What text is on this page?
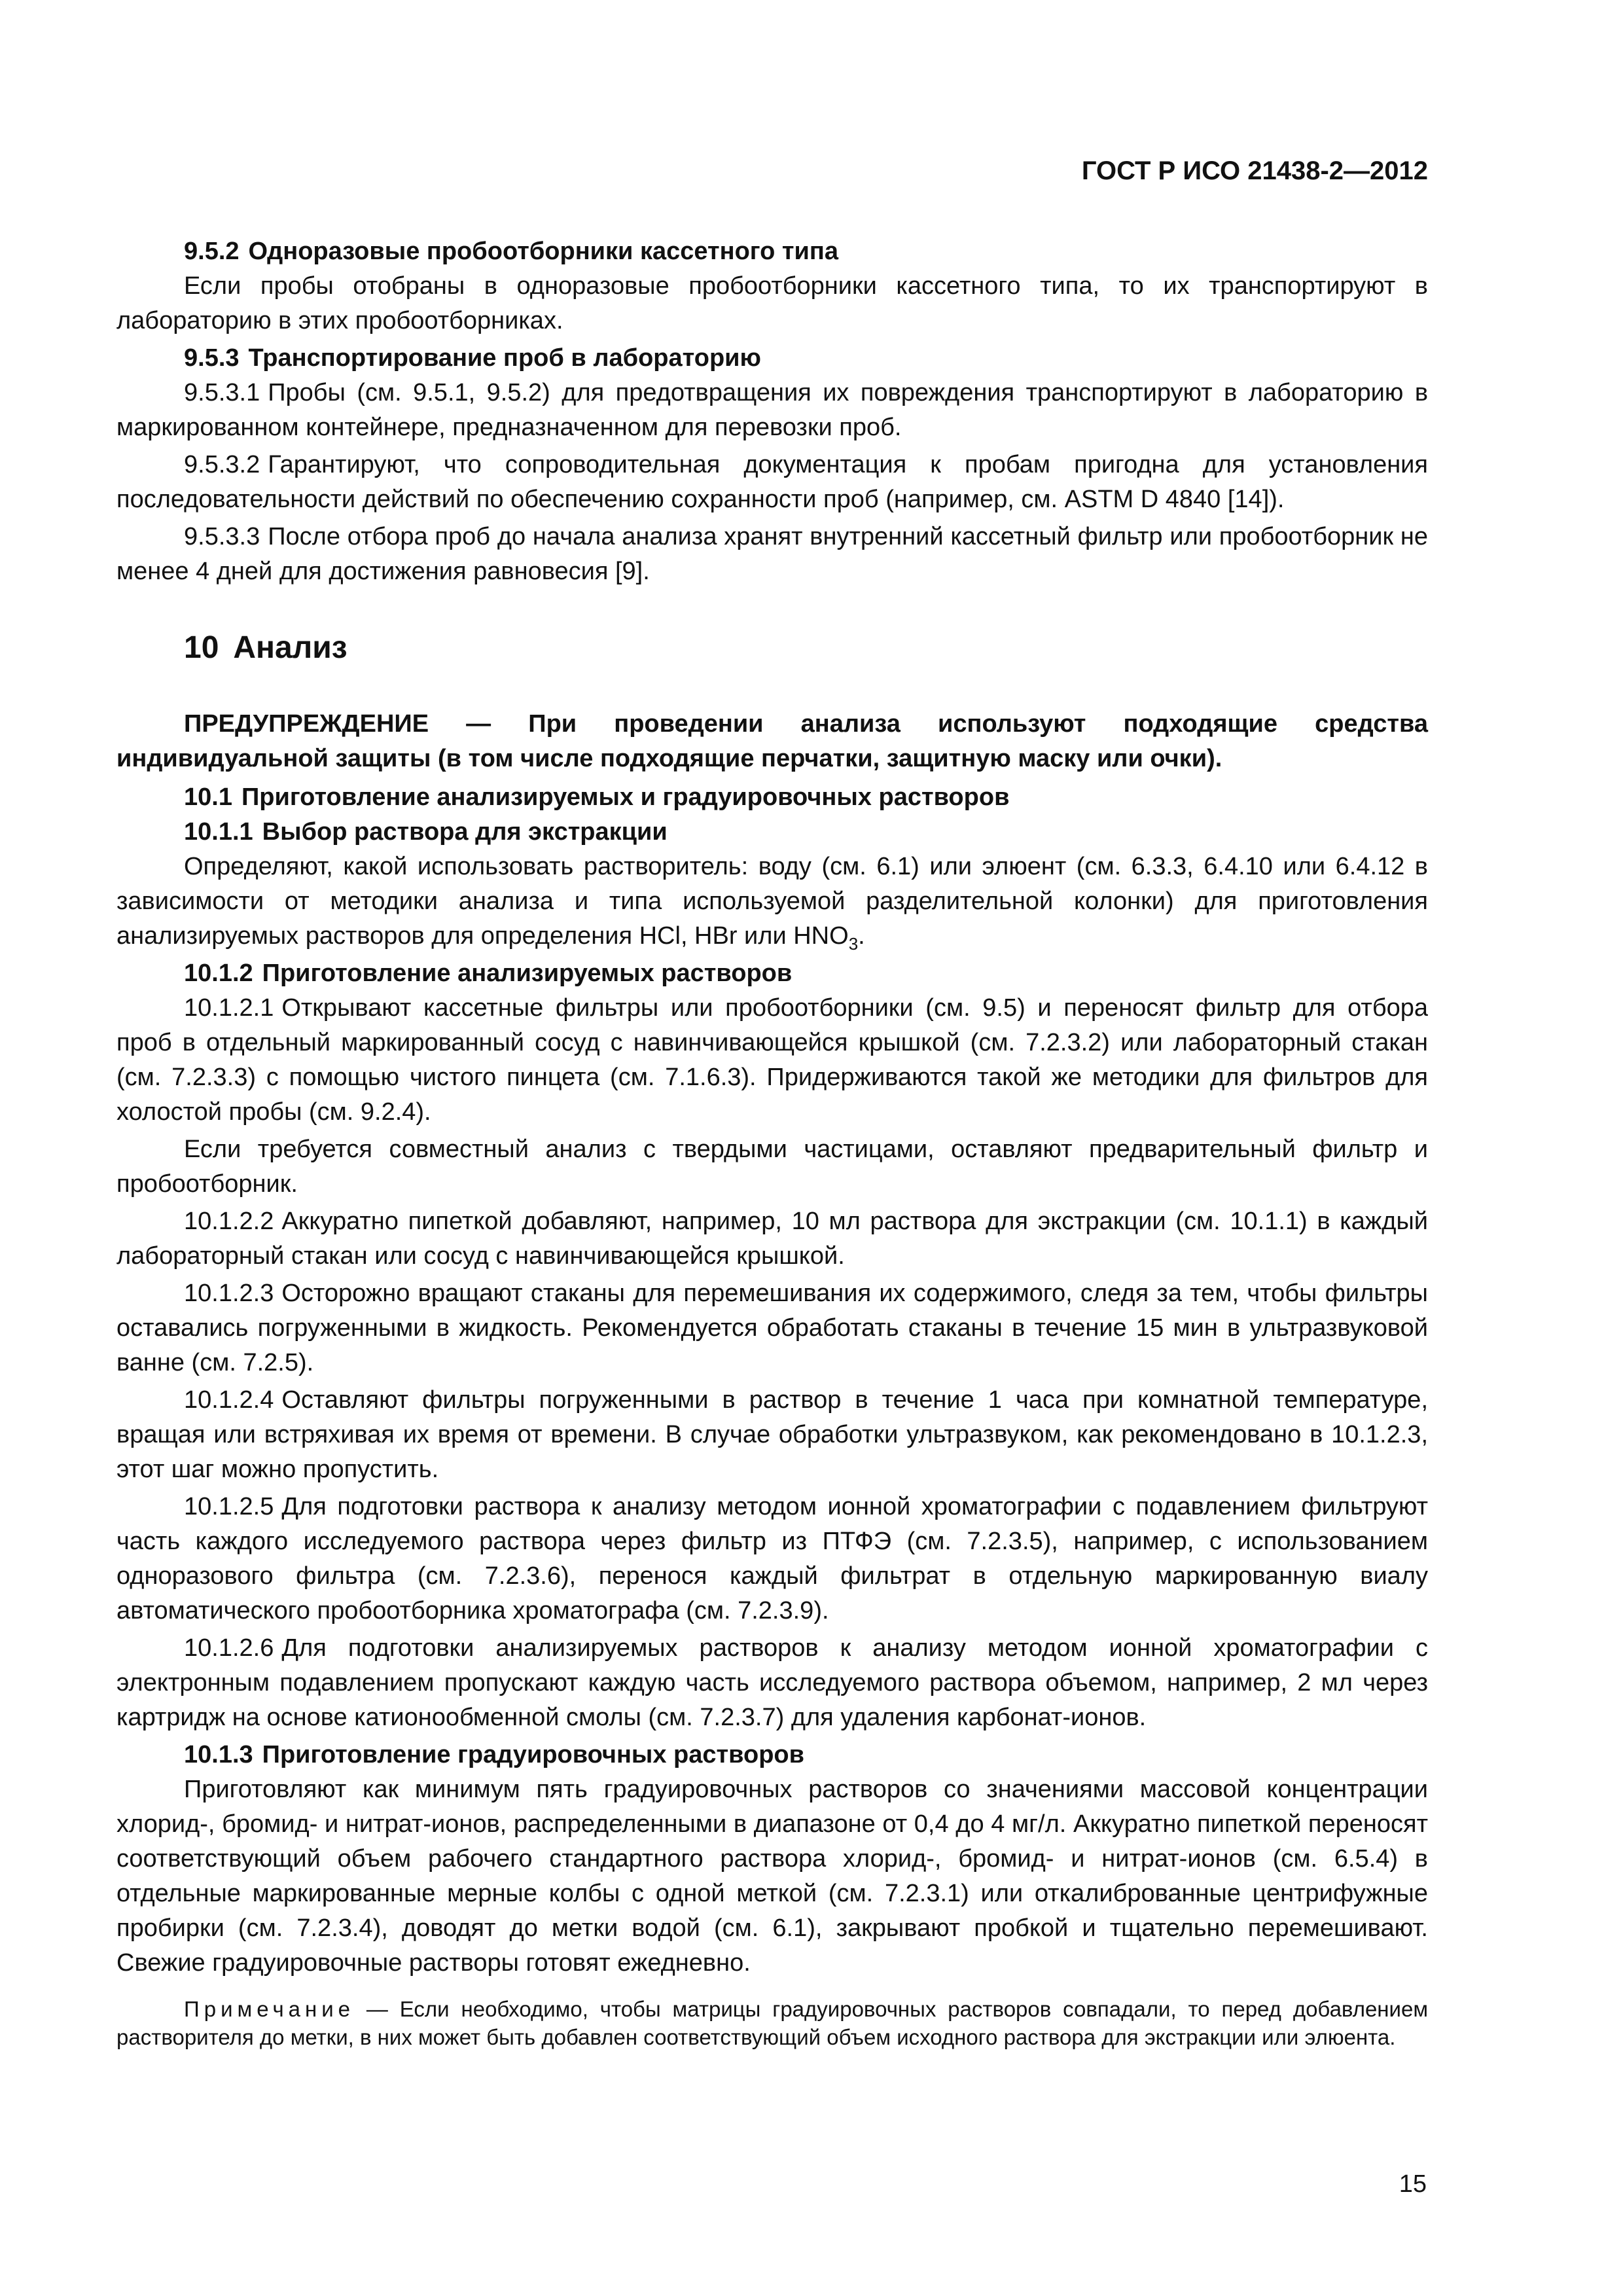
ГОСТ Р ИСО 21438-2—2012
9.5.2 Одноразовые пробоотборники кассетного типа

Если пробы отобраны в одноразовые пробоотборники кассетного типа, то их транспортируют в лабораторию в этих пробоотборниках.

9.5.3 Транспортирование проб в лабораторию

9.5.3.1 Пробы (см. 9.5.1, 9.5.2) для предотвращения их повреждения транспортируют в лабораторию в маркированном контейнере, предназначенном для перевозки проб.

9.5.3.2 Гарантируют, что сопроводительная документация к пробам пригодна для установления последовательности действий по обеспечению сохранности проб (например, см. ASTM D 4840 [14]).

9.5.3.3 После отбора проб до начала анализа хранят внутренний кассетный фильтр или пробоотборник не менее 4 дней для достижения равновесия [9].

10 Анализ

ПРЕДУПРЕЖДЕНИЕ — При проведении анализа используют подходящие средства индивидуальной защиты (в том числе подходящие перчатки, защитную маску или очки).

10.1 Приготовление анализируемых и градуировочных растворов
10.1.1 Выбор раствора для экстракции

Определяют, какой использовать растворитель: воду (см. 6.1) или элюент (см. 6.3.3, 6.4.10 или 6.4.12 в зависимости от методики анализа и типа используемой разделительной колонки) для приготовления анализируемых растворов для определения HCl, HBr или $HNO_3$.

10.1.2 Приготовление анализируемых растворов

10.1.2.1 Открывают кассетные фильтры или пробоотборники (см. 9.5) и переносят фильтр для отбора проб в отдельный маркированный сосуд с навинчивающейся крышкой (см. 7.2.3.2) или лабораторный стакан (см. 7.2.3.3) с помощью чистого пинцета (см. 7.1.6.3). Придерживаются такой же методики для фильтров для холостой пробы (см. 9.2.4).

Если требуется совместный анализ с твердыми частицами, оставляют предварительный фильтр и пробоотборник.

10.1.2.2 Аккуратно пипеткой добавляют, например, 10 мл раствора для экстракции (см. 10.1.1) в каждый лабораторный стакан или сосуд с навинчивающейся крышкой.

10.1.2.3 Осторожно вращают стаканы для перемешивания их содержимого, следя за тем, чтобы фильтры оставались погруженными в жидкость. Рекомендуется обработать стаканы в течение 15 мин в ультразвуковой ванне (см. 7.2.5).

10.1.2.4 Оставляют фильтры погруженными в раствор в течение 1 часа при комнатной температуре, вращая или встряхивая их время от времени. В случае обработки ультразвуком, как рекомендовано в 10.1.2.3, этот шаг можно пропустить.

10.1.2.5 Для подготовки раствора к анализу методом ионной хроматографии с подавлением фильтруют часть каждого исследуемого раствора через фильтр из ПТФЭ (см. 7.2.3.5), например, с использованием одноразового фильтра (см. 7.2.3.6), перенося каждый фильтрат в отдельную маркированную виалу автоматического пробоотборника хроматографа (см. 7.2.3.9).

10.1.2.6 Для подготовки анализируемых растворов к анализу методом ионной хроматографии с электронным подавлением пропускают каждую часть исследуемого раствора объемом, например, 2 мл через картридж на основе катионообменной смолы (см. 7.2.3.7) для удаления карбонат-ионов.

10.1.3 Приготовление градуировочных растворов

Приготовляют как минимум пять градуировочных растворов со значениями массовой концентрации хлорид-, бромид- и нитрат-ионов, распределенными в диапазоне от 0,4 до 4 мг/л. Аккуратно пипеткой переносят соответствующий объем рабочего стандартного раствора хлорид-, бромид- и нитрат-ионов (см. 6.5.4) в отдельные маркированные мерные колбы с одной меткой (см. 7.2.3.1) или откалиброванные центрифужные пробирки (см. 7.2.3.4), доводят до метки водой (см. 6.1), закрывают пробкой и тщательно перемешивают. Свежие градуировочные растворы готовят ежедневно.

Примечание — Если необходимо, чтобы матрицы градуировочных растворов совпадали, то перед добавлением растворителя до метки, в них может быть добавлен соответствующий объем исходного раствора для экстракции или элюента.

15
